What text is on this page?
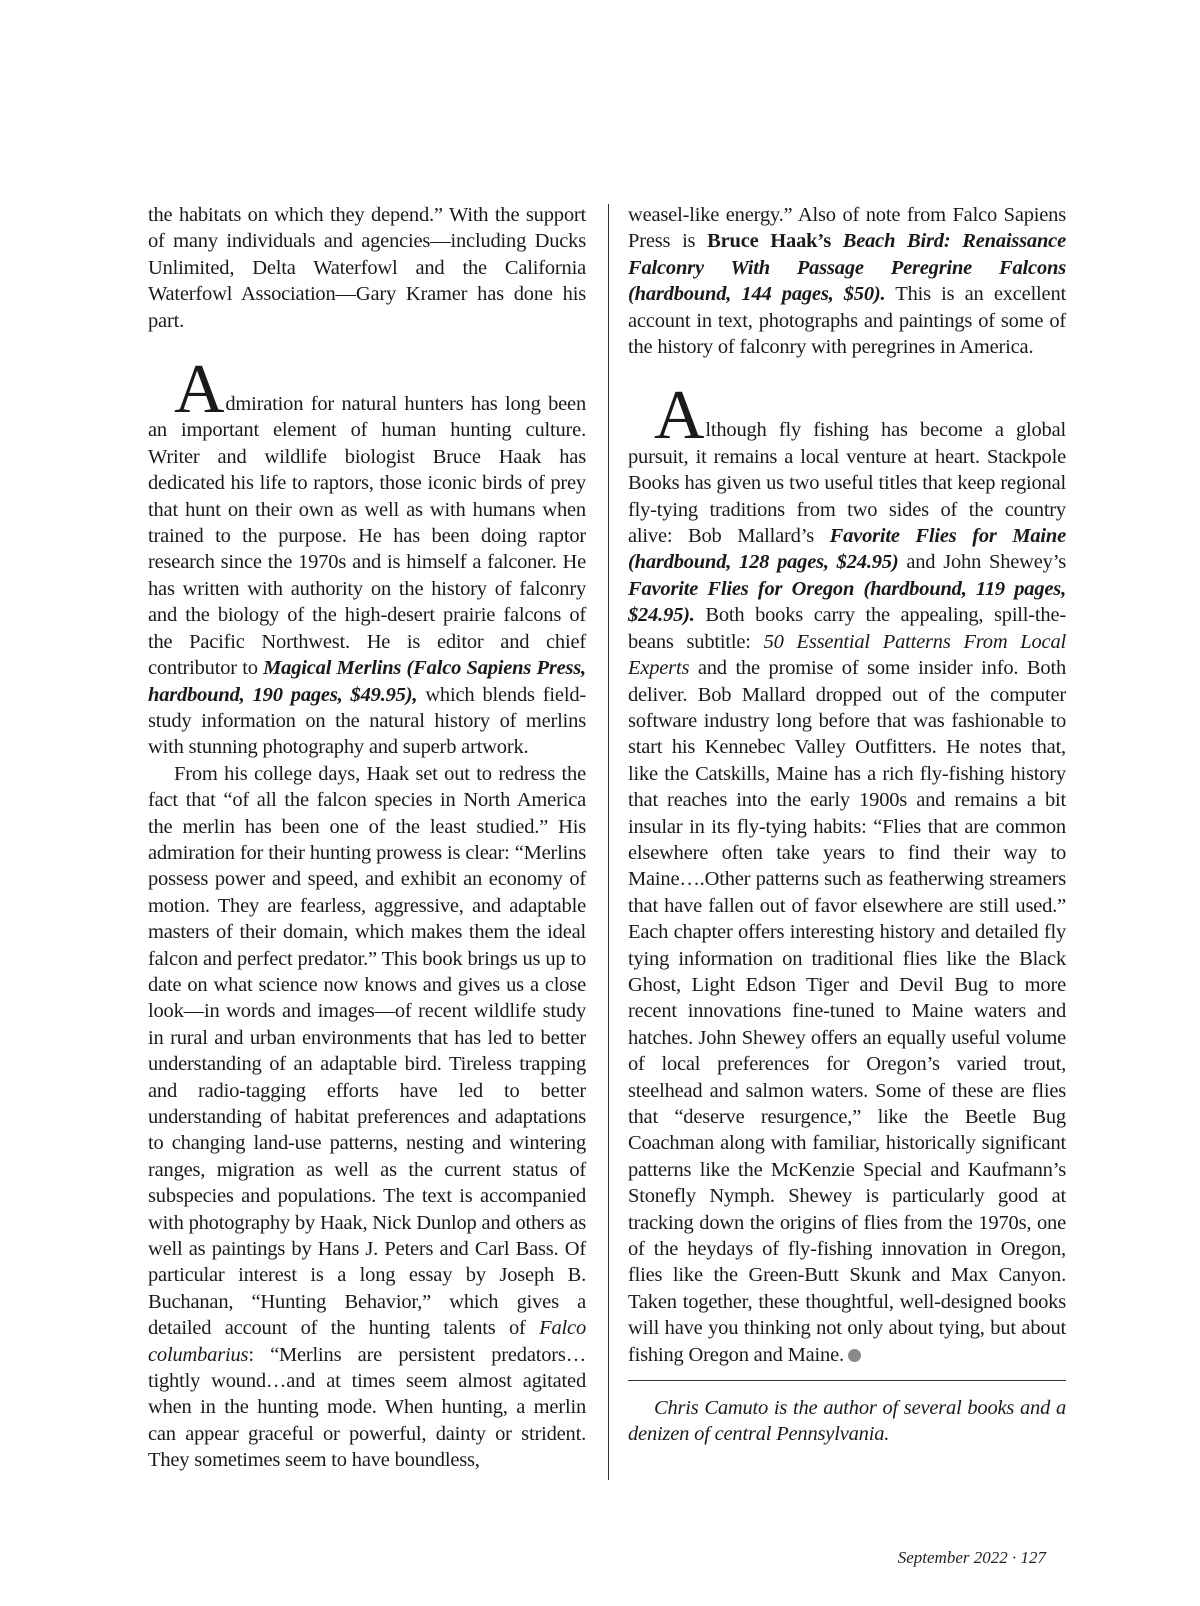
the habitats on which they depend.” With the support of many individuals and agencies—including Ducks Unlimited, Delta Waterfowl and the California Waterfowl Association—Gary Kramer has done his part.

Admiration for natural hunters has long been an important element of human hunting culture. Writer and wildlife biologist Bruce Haak has dedicated his life to raptors, those iconic birds of prey that hunt on their own as well as with humans when trained to the purpose. He has been doing raptor research since the 1970s and is himself a falconer. He has written with authority on the history of falconry and the biology of the high-desert prairie falcons of the Pacific Northwest. He is editor and chief contributor to Magical Merlins (Falco Sapiens Press, hardbound, 190 pages, $49.95), which blends field-study information on the natural history of merlins with stunning photography and superb artwork.

From his college days, Haak set out to redress the fact that “of all the falcon species in North America the merlin has been one of the least studied.” His admiration for their hunting prowess is clear: “Merlins possess power and speed, and exhibit an economy of motion. They are fearless, aggressive, and adaptable masters of their domain, which makes them the ideal falcon and perfect predator.” This book brings us up to date on what science now knows and gives us a close look—in words and images—of recent wildlife study in rural and urban environments that has led to better understanding of an adaptable bird. Tireless trapping and radio-tagging efforts have led to better understanding of habitat preferences and adaptations to changing land-use patterns, nesting and wintering ranges, migration as well as the current status of subspecies and populations. The text is accompanied with photography by Haak, Nick Dunlop and others as well as paintings by Hans J. Peters and Carl Bass. Of particular interest is a long essay by Joseph B. Buchanan, “Hunting Behavior,” which gives a detailed account of the hunting talents of Falco columbarius: “Merlins are persistent predators…tightly wound…and at times seem almost agitated when in the hunting mode. When hunting, a merlin can appear graceful or powerful, dainty or strident. They sometimes seem to have boundless,

weasel-like energy.” Also of note from Falco Sapiens Press is Bruce Haak’s Beach Bird: Renaissance Falconry With Passage Peregrine Falcons (hardbound, 144 pages, $50). This is an excellent account in text, photographs and paintings of some of the history of falconry with peregrines in America.

Although fly fishing has become a global pursuit, it remains a local venture at heart. Stackpole Books has given us two useful titles that keep regional fly-tying traditions from two sides of the country alive: Bob Mallard’s Favorite Flies for Maine (hardbound, 128 pages, $24.95) and John Shewey’s Favorite Flies for Oregon (hardbound, 119 pages, $24.95). Both books carry the appealing, spill-the-beans subtitle: 50 Essential Patterns From Local Experts and the promise of some insider info. Both deliver. Bob Mallard dropped out of the computer software industry long before that was fashionable to start his Kennebec Valley Outfitters. He notes that, like the Catskills, Maine has a rich fly-fishing history that reaches into the early 1900s and remains a bit insular in its fly-tying habits: “Flies that are common elsewhere often take years to find their way to Maine….Other patterns such as featherwing streamers that have fallen out of favor elsewhere are still used.” Each chapter offers interesting history and detailed fly tying information on traditional flies like the Black Ghost, Light Edson Tiger and Devil Bug to more recent innovations fine-tuned to Maine waters and hatches. John Shewey offers an equally useful volume of local preferences for Oregon’s varied trout, steelhead and salmon waters. Some of these are flies that “deserve resurgence,” like the Beetle Bug Coachman along with familiar, historically significant patterns like the McKenzie Special and Kaufmann’s Stonefly Nymph. Shewey is particularly good at tracking down the origins of flies from the 1970s, one of the heydays of fly-fishing innovation in Oregon, flies like the Green-Butt Skunk and Max Canyon. Taken together, these thoughtful, well-designed books will have you thinking not only about tying, but about fishing Oregon and Maine.

Chris Camuto is the author of several books and a denizen of central Pennsylvania.

September 2022 · 127
